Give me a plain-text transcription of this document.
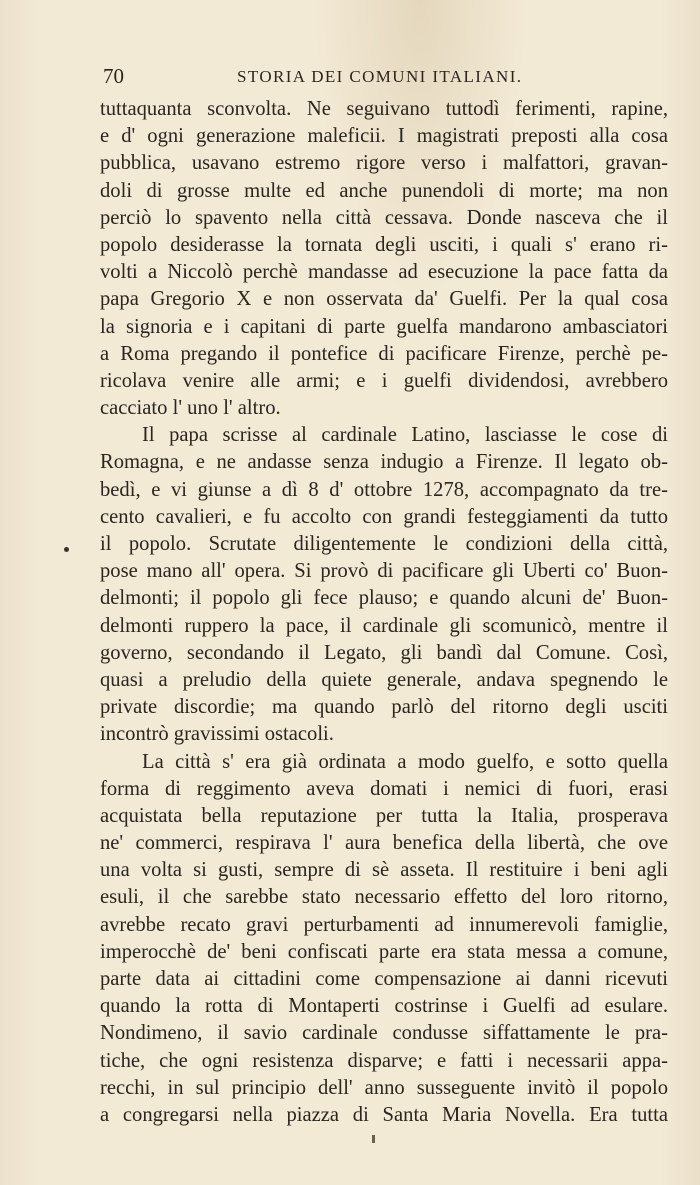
70	STORIA DEI COMUNI ITALIANI.
tuttaquanta sconvolta. Ne seguivano tuttodì ferimenti, rapine,
e d' ogni generazione maleficii. I magistrati preposti alla cosa
pubblica, usavano estremo rigore verso i malfattori, gravan-
doli di grosse multe ed anche punendoli di morte; ma non
perciò lo spavento nella città cessava. Donde nasceva che il
popolo desiderasse la tornata degli usciti, i quali s' erano ri-
volti a Niccolò perchè mandasse ad esecuzione la pace fatta da
papa Gregorio X e non osservata da' Guelfi. Per la qual cosa
la signoria e i capitani di parte guelfa mandarono ambasciatori
a Roma pregando il pontefice di pacificare Firenze, perchè pe-
ricolava venire alle armi; e i guelfi dividendosi, avrebbero
cacciato l' uno l' altro.
Il papa scrisse al cardinale Latino, lasciasse le cose di
Romagna, e ne andasse senza indugio a Firenze. Il legato ob-
bedì, e vi giunse a dì 8 d' ottobre 1278, accompagnato da tre-
cento cavalieri, e fu accolto con grandi festeggiamenti da tutto
il popolo. Scrutate diligentemente le condizioni della città,
pose mano all' opera. Si provò di pacificare gli Uberti co' Buon-
delmonti; il popolo gli fece plauso; e quando alcuni de' Buon-
delmonti ruppero la pace, il cardinale gli scomunicò, mentre il
governo, secondando il Legato, gli bandì dal Comune. Così,
quasi a preludio della quiete generale, andava spegnendo le
private discordie; ma quando parlò del ritorno degli usciti
incontrò gravissimi ostacoli.
La città s' era già ordinata a modo guelfo, e sotto quella
forma di reggimento aveva domati i nemici di fuori, erasi
acquistata bella reputazione per tutta la Italia, prosperava
ne' commerci, respirava l' aura benefica della libertà, che ove
una volta si gusti, sempre di sè asseta. Il restituire i beni agli
esuli, il che sarebbe stato necessario effetto del loro ritorno,
avrebbe recato gravi perturbamenti ad innumerevoli famiglie,
imperocchè de' beni confiscati parte era stata messa a comune,
parte data ai cittadini come compensazione ai danni ricevuti
quando la rotta di Montaperti costrinse i Guelfi ad esulare.
Nondimeno, il savio cardinale condusse siffattamente le pra-
tiche, che ogni resistenza disparve; e fatti i necessarii appa-
recchi, in sul principio dell' anno susseguente invitò il popolo
a congregarsi nella piazza di Santa Maria Novella. Era tutta
